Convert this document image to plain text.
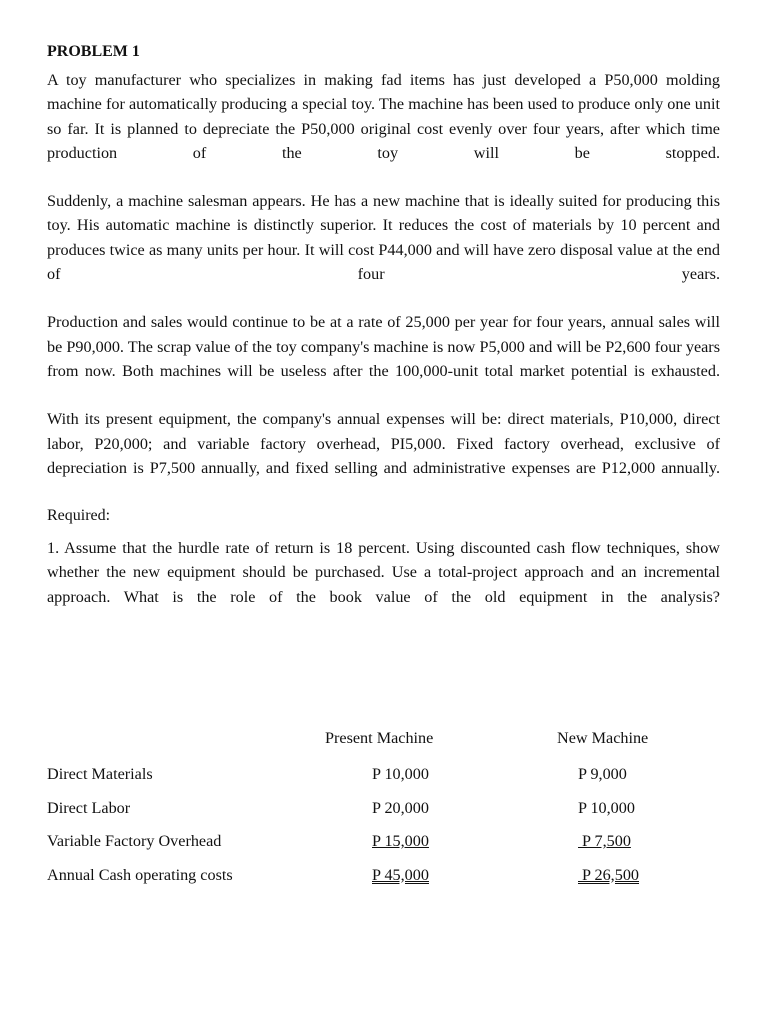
PROBLEM 1

A toy manufacturer who specializes in making fad items has just developed a P50,000 molding machine for automatically producing a special toy. The machine has been used to produce only one unit so far. It is planned to depreciate the P50,000 original cost evenly over four years, after which time production of the toy will be stopped.

Suddenly, a machine salesman appears. He has a new machine that is ideally suited for producing this toy. His automatic machine is distinctly superior. It reduces the cost of materials by 10 percent and produces twice as many units per hour. It will cost P44,000 and will have zero disposal value at the end of four years.

Production and sales would continue to be at a rate of 25,000 per year for four years, annual sales will be P90,000. The scrap value of the toy company's machine is now P5,000 and will be P2,600 four years from now. Both machines will be useless after the 100,000-unit total market potential is exhausted.

With its present equipment, the company's annual expenses will be: direct materials, P10,000, direct labor, P20,000; and variable factory overhead, PI5,000. Fixed factory overhead, exclusive of depreciation is P7,500 annually, and fixed selling and administrative expenses are P12,000 annually.

Required:

1. Assume that the hurdle rate of return is 18 percent. Using discounted cash flow techniques, show whether the new equipment should be purchased. Use a total-project approach and an incremental approach. What is the role of the book value of the old equipment in the analysis?

Present Machine	New Machine
Direct Materials	P 10,000	P 9,000
Direct Labor	P 20,000	P 10,000
Variable Factory Overhead	P 15,000	P 7,500
Annual Cash operating costs	P 45,000	P 26,500
